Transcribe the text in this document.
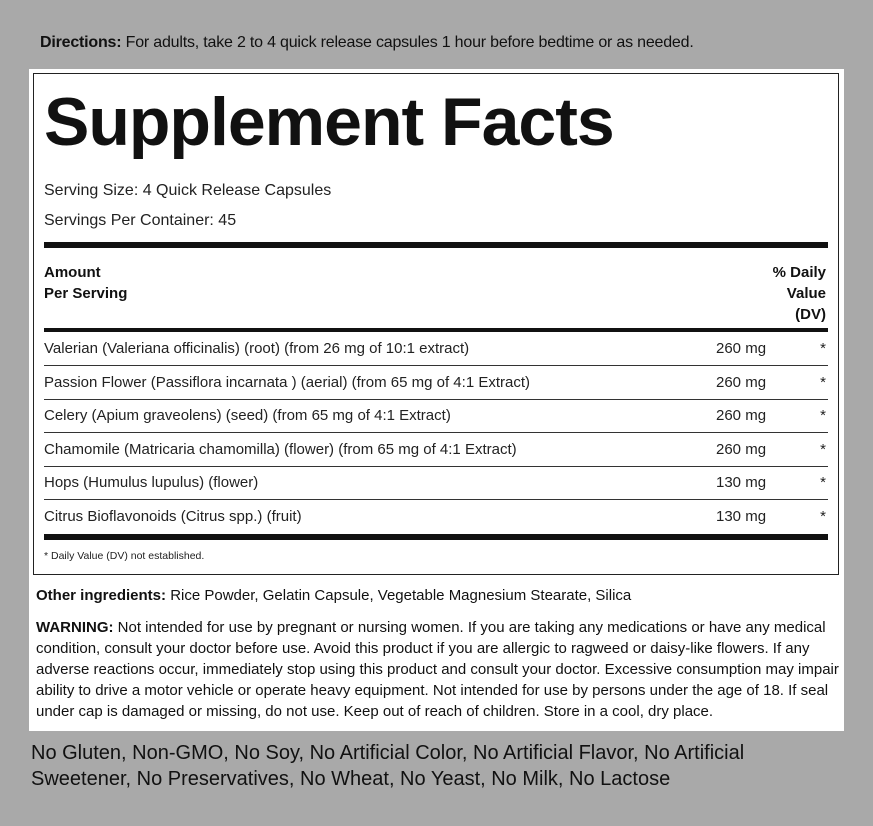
Directions: For adults, take 2 to 4 quick release capsules 1 hour before bedtime or as needed.
Supplement Facts
Serving Size: 4 Quick Release Capsules
Servings Per Container: 45
Amount
Per Serving
% Daily
Value
(DV)
Valerian (Valeriana officinalis) (root) (from 26 mg of 10:1 extract)	260 mg	*
Passion Flower (Passiflora incarnata ) (aerial) (from 65 mg of 4:1 Extract)	260 mg	*
Celery (Apium graveolens) (seed) (from 65 mg of 4:1 Extract)	260 mg	*
Chamomile (Matricaria chamomilla) (flower) (from 65 mg of 4:1 Extract)	260 mg	*
Hops (Humulus lupulus) (flower)	130 mg	*
Citrus Bioflavonoids (Citrus spp.) (fruit)	130 mg	*
* Daily Value (DV) not established.
Other ingredients: Rice Powder, Gelatin Capsule, Vegetable Magnesium Stearate, Silica
WARNING: Not intended for use by pregnant or nursing women. If you are taking any medications or have any medical condition, consult your doctor before use. Avoid this product if you are allergic to ragweed or daisy-like flowers. If any adverse reactions occur, immediately stop using this product and consult your doctor. Excessive consumption may impair ability to drive a motor vehicle or operate heavy equipment. Not intended for use by persons under the age of 18. If seal under cap is damaged or missing, do not use. Keep out of reach of children. Store in a cool, dry place.
No Gluten, Non-GMO, No Soy, No Artificial Color, No Artificial Flavor, No Artificial Sweetener, No Preservatives, No Wheat, No Yeast, No Milk, No Lactose
